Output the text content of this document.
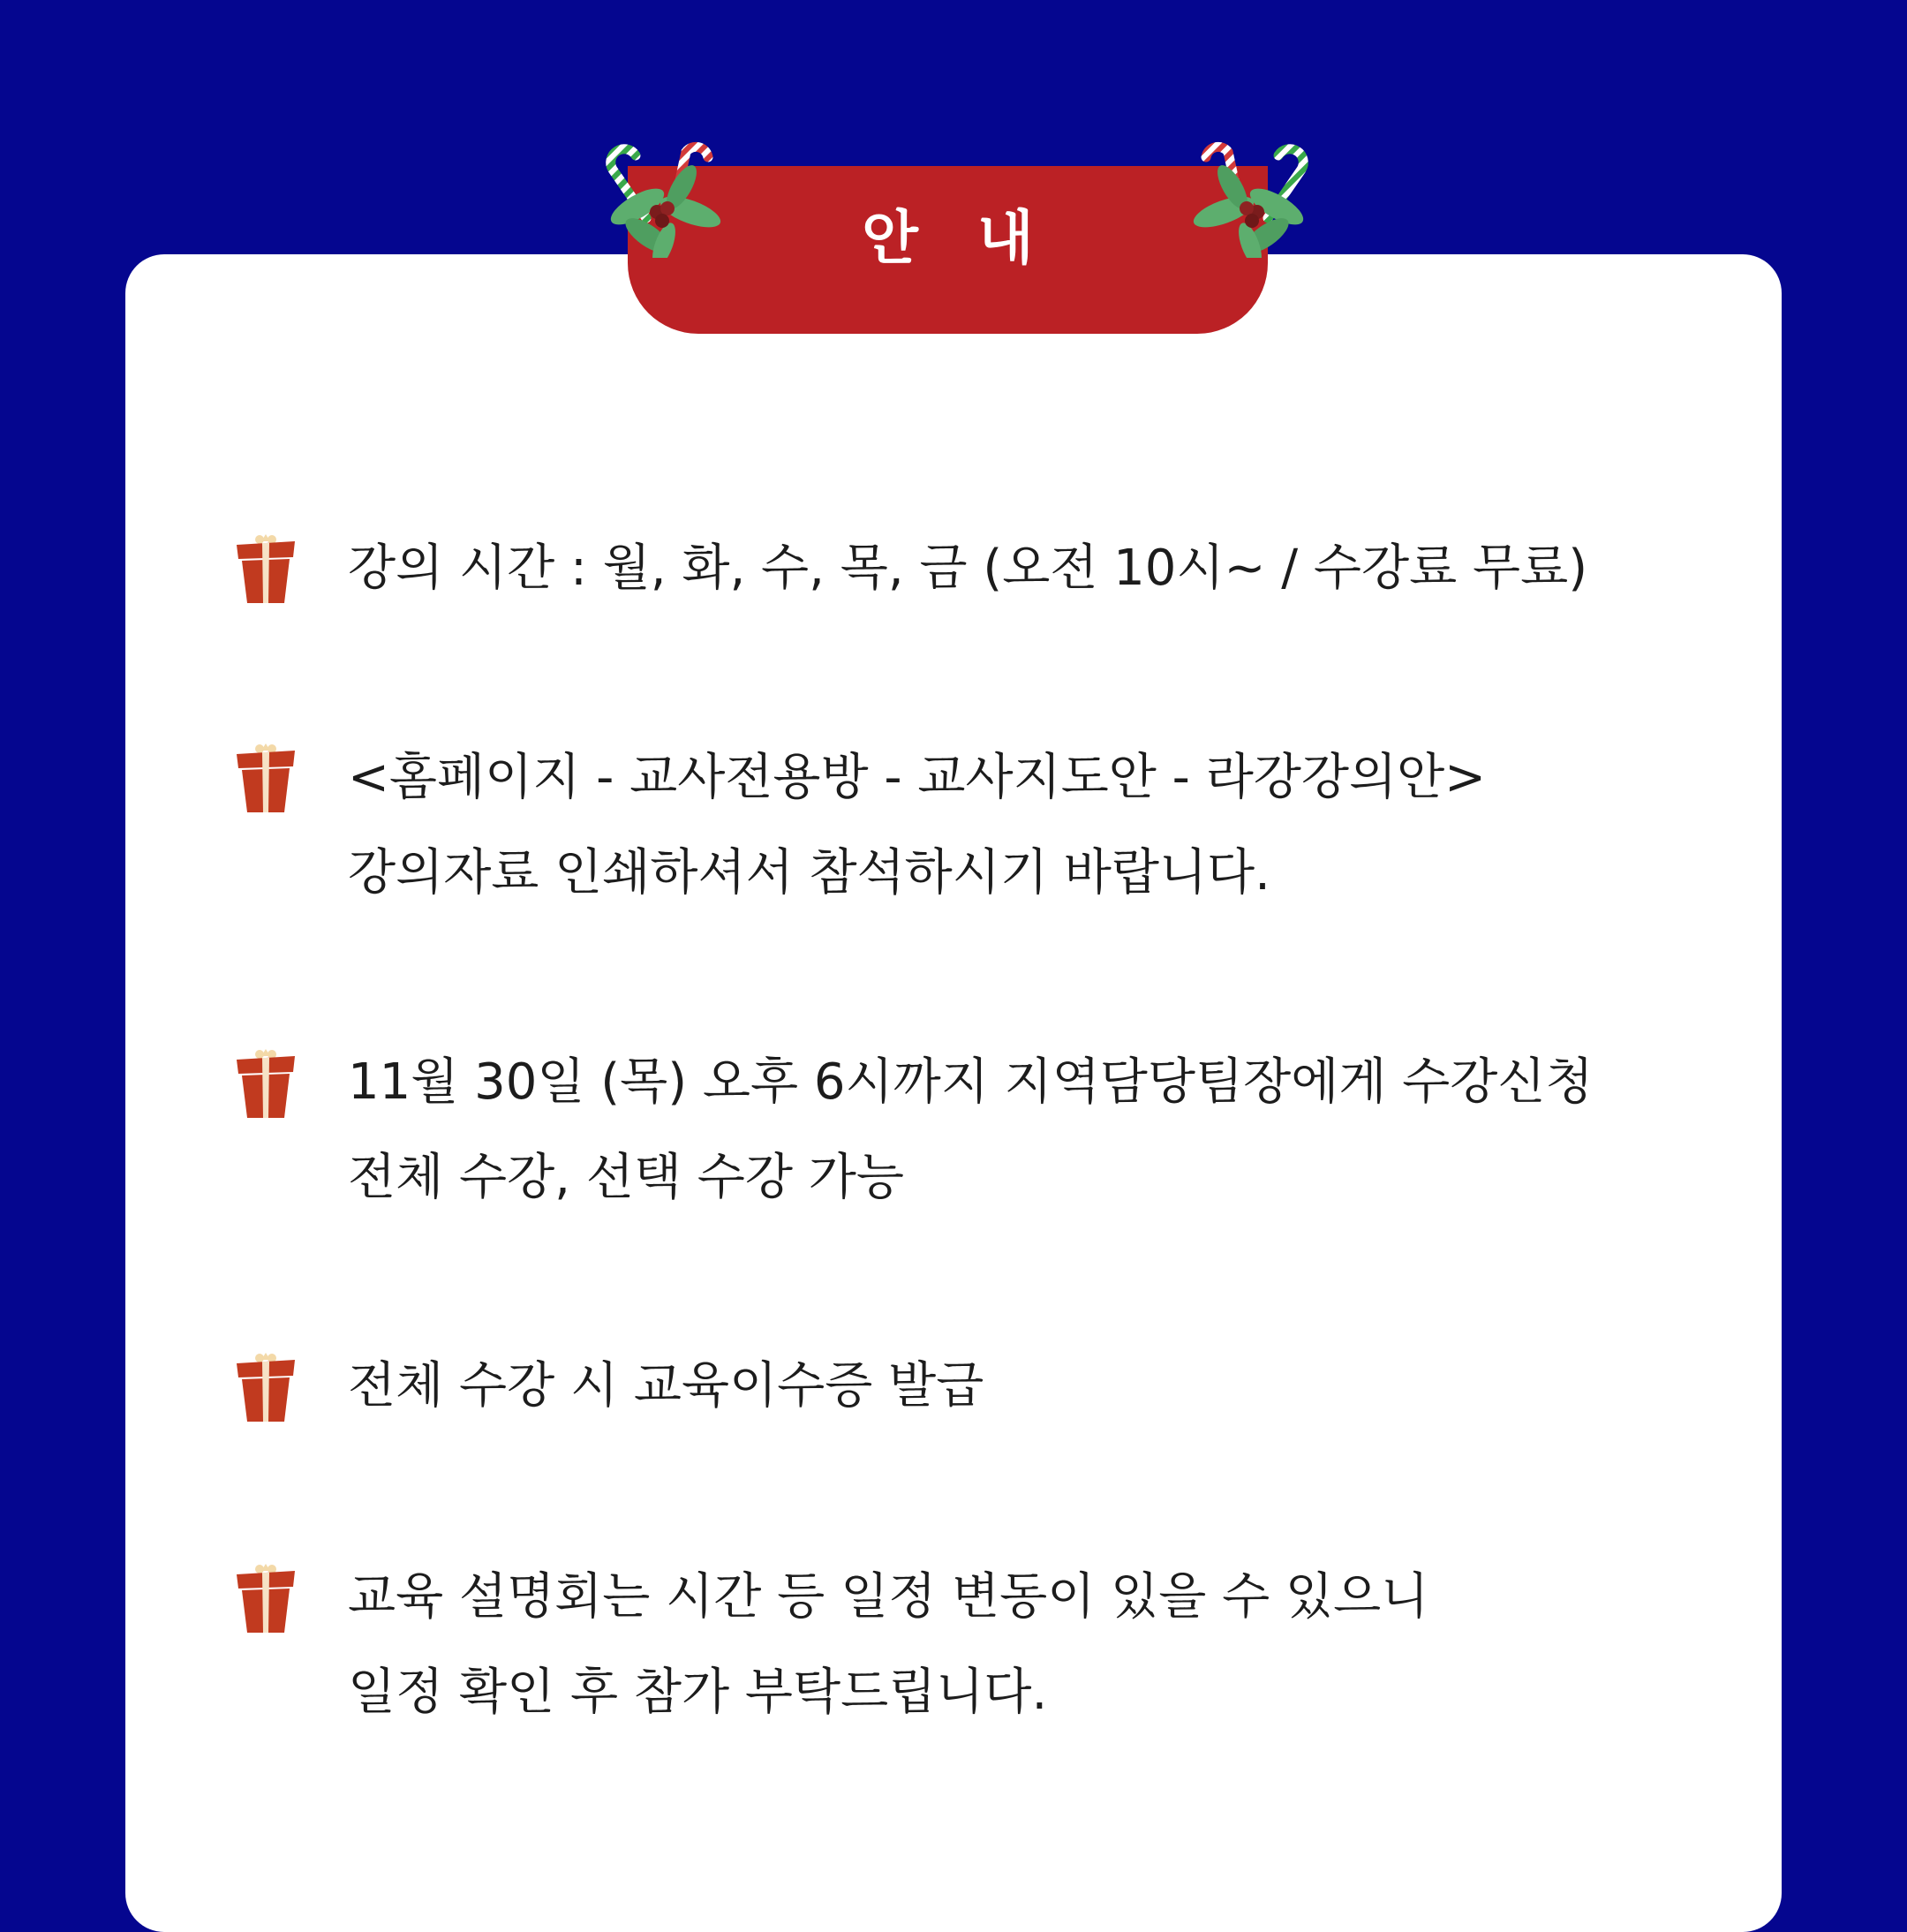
안 내
강의 시간 : 월, 화, 수, 목, 금 (오전 10시~ / 수강료 무료)
<홈페이지 - 교사전용방 - 교사지도안 - 라강강의안>
강의자료 인쇄하셔서 참석하시기 바랍니다.
11월 30일 (목) 오후 6시까지 지역담당팀장에게 수강신청
전체 수강, 선택 수강 가능
전체 수강 시 교육이수증 발급
교육 설명회는 시간 등 일정 변동이 있을 수 있으니
일정 확인 후 참가 부탁드립니다.
